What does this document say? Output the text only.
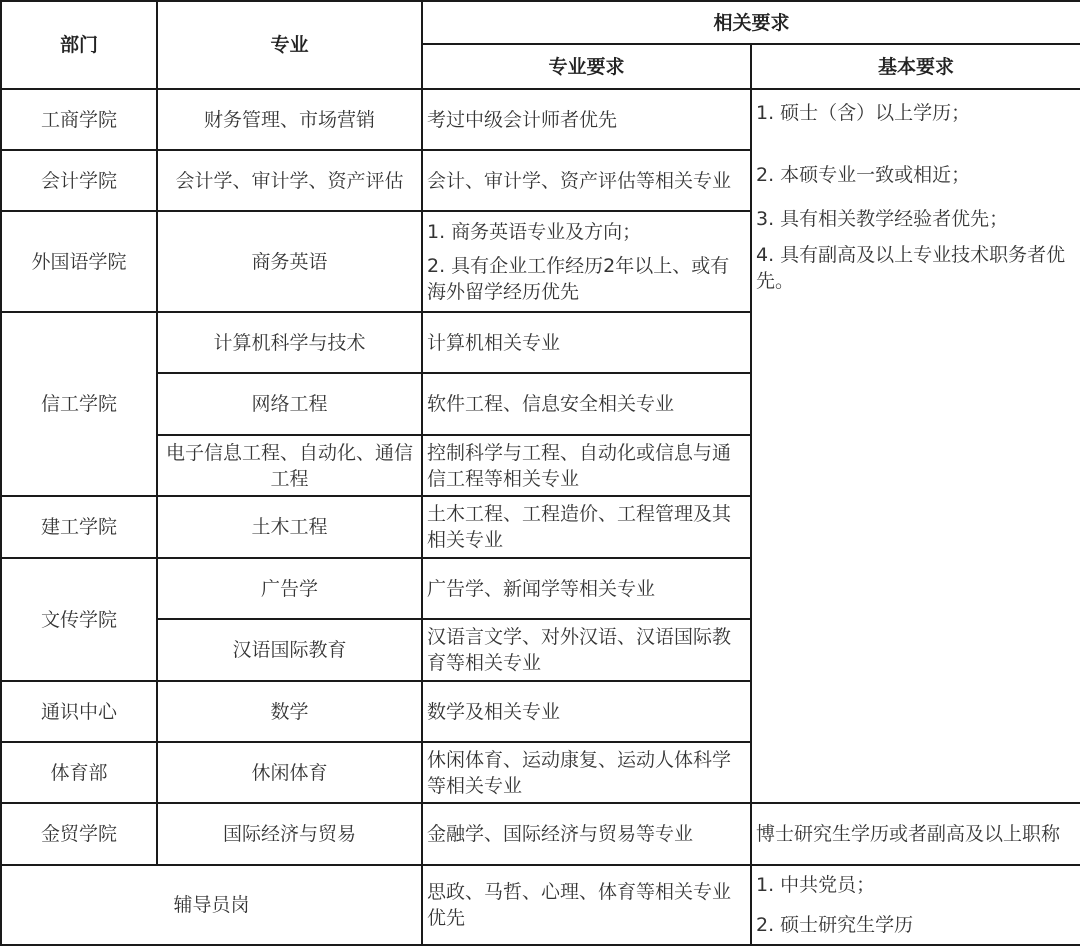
部门	专业	相关要求	
		专业要求	基本要求
工商学院	财务管理、市场营销	考过中级会计师者优先	1. 硕士（含）以上学历；
2. 本硕专业一致或相近；
3. 具有相关教学经验者优先；
4. 具有副高及以上专业技术职务者优先。

会计学院	会计学、审计学、资产评估	会计、审计学、资产评估等相关专业	
外国语学院	商务英语	1. 商务英语专业及方向；
2. 具有企业工作经历2年以上、或有海外留学经历优先	

信工学院	计算机科学与技术	计算机相关专业	
	网络工程	软件工程、信息安全相关专业	
	电子信息工程、自动化、通信工程	控制科学与工程、自动化或信息与通信工程等相关专业	
建工学院	土木工程	土木工程、工程造价、工程管理及其相关专业	
文传学院	广告学	广告学、新闻学等相关专业	
	汉语国际教育	汉语言文学、对外汉语、汉语国际教育等相关专业	
通识中心	数学	数学及相关专业	
体育部	休闲体育	休闲体育、运动康复、运动人体科学等相关专业	
金贸学院	国际经济与贸易	金融学、国际经济与贸易等专业	博士研究生学历或者副高及以上职称
辅导员岗		思政、马哲、心理、体育等相关专业优先	1. 中共党员；
2. 硕士研究生学历
